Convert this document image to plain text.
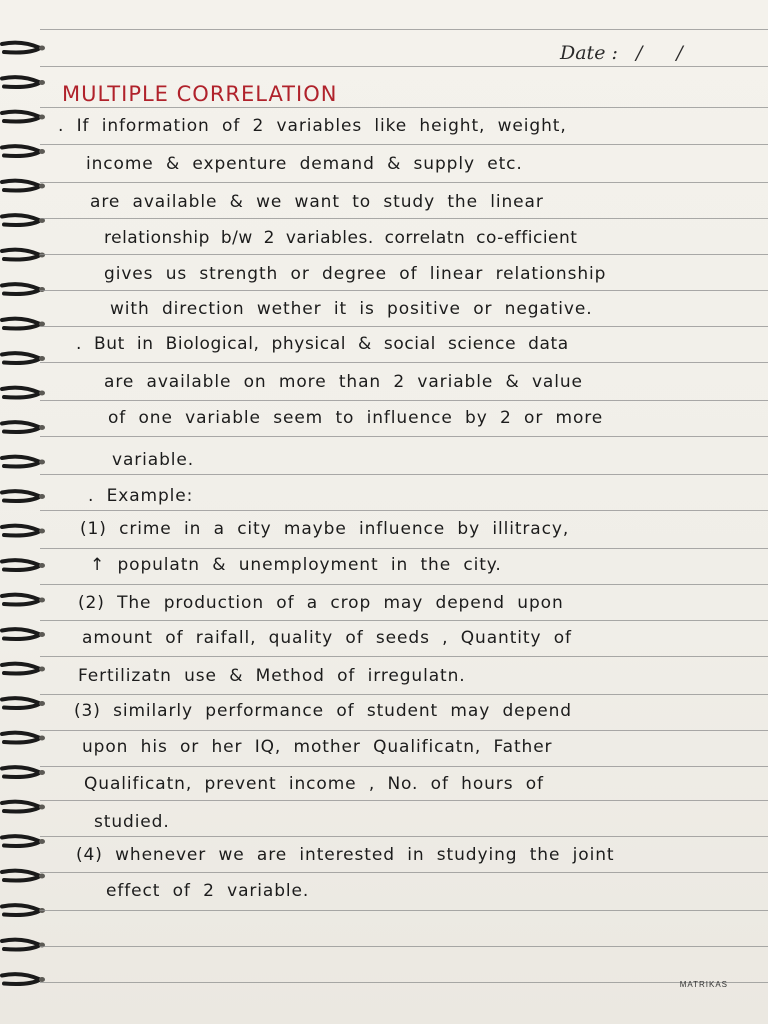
Date : / /
MULTIPLE CORRELATION
. If information of 2 variables like height, weight,
income & expenture demand & supply etc.
are available & we want to study the linear
relationship b/w 2 variables. correlatn co-efficient
gives us strength or degree of linear relationship
with direction wether it is positive or negative.
. But in Biological, physical & social science data
are available on more than 2 variable & value
of one variable seem to influence by 2 or more
variable.
. Example:
(1) crime in a city maybe influence by illitracy,
↑ populatn & unemployment in the city.
(2) The production of a crop may depend upon
amount of raifall, quality of seeds , Quantity of
Fertilizatn use & Method of irregulatn.
(3) similarly performance of student may depend
upon his or her IQ, mother Qualificatn, Father
Qualificatn, prevent income , No. of hours of
studied.
(4) whenever we are interested in studying the joint
effect of 2 variable.
MATRIKAS
